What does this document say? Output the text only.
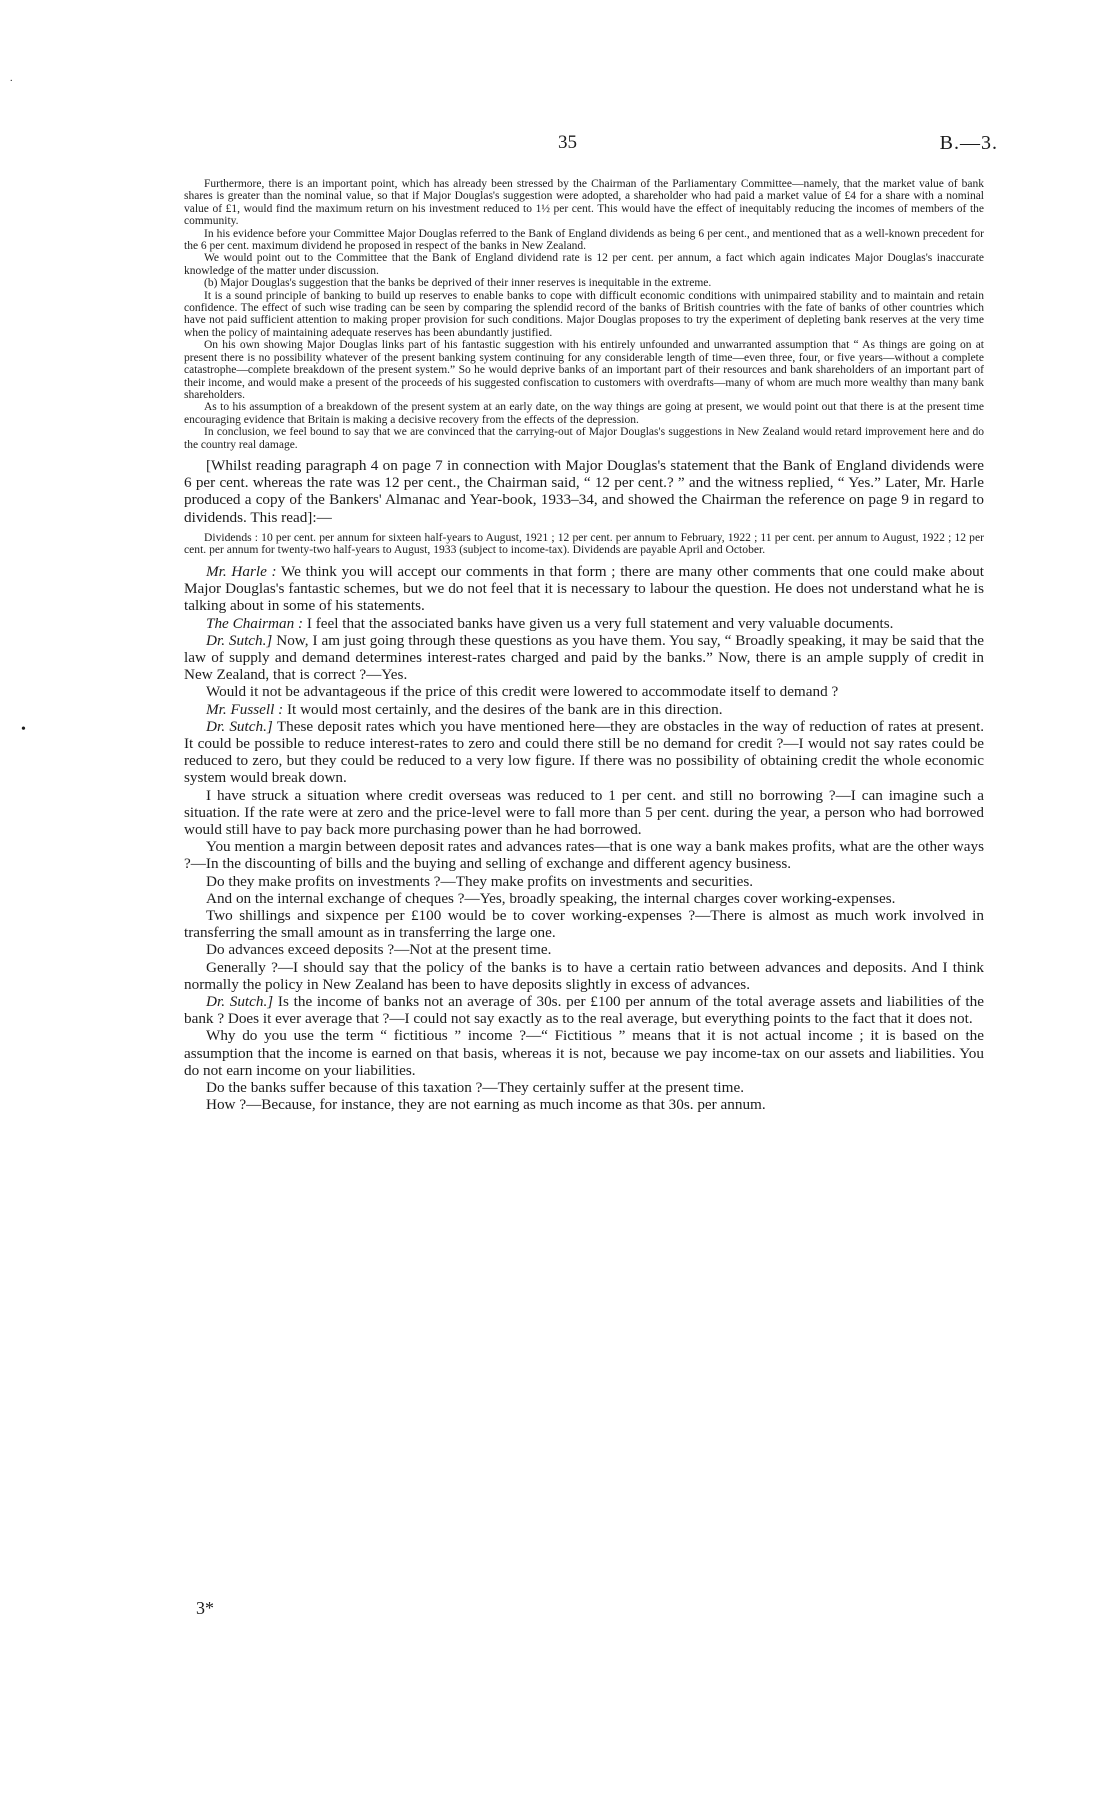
.
35	B.—3.

Furthermore, there is an important point, which has already been stressed by the Chairman of the Parliamentary Committee—namely, that the market value of bank shares is greater than the nominal value, so that if Major Douglas's suggestion were adopted, a shareholder who had paid a market value of £4 for a share with a nominal value of £1, would find the maximum return on his investment reduced to 1½ per cent. This would have the effect of inequitably reducing the incomes of members of the community.

In his evidence before your Committee Major Douglas referred to the Bank of England dividends as being 6 per cent., and mentioned that as a well-known precedent for the 6 per cent. maximum dividend he proposed in respect of the banks in New Zealand.

We would point out to the Committee that the Bank of England dividend rate is 12 per cent. per annum, a fact which again indicates Major Douglas's inaccurate knowledge of the matter under discussion.

(b) Major Douglas's suggestion that the banks be deprived of their inner reserves is inequitable in the extreme.

It is a sound principle of banking to build up reserves to enable banks to cope with difficult economic conditions with unimpaired stability and to maintain and retain confidence. The effect of such wise trading can be seen by comparing the splendid record of the banks of British countries with the fate of banks of other countries which have not paid sufficient attention to making proper provision for such conditions. Major Douglas proposes to try the experiment of depleting bank reserves at the very time when the policy of maintaining adequate reserves has been abundantly justified.

On his own showing Major Douglas links part of his fantastic suggestion with his entirely unfounded and unwarranted assumption that “ As things are going on at present there is no possibility whatever of the present banking system continuing for any considerable length of time—even three, four, or five years—without a complete catastrophe—complete breakdown of the present system.” So he would deprive banks of an important part of their resources and bank shareholders of an important part of their income, and would make a present of the proceeds of his suggested confiscation to customers with overdrafts—many of whom are much more wealthy than many bank shareholders.

As to his assumption of a breakdown of the present system at an early date, on the way things are going at present, we would point out that there is at the present time encouraging evidence that Britain is making a decisive recovery from the effects of the depression.

In conclusion, we feel bound to say that we are convinced that the carrying-out of Major Douglas's suggestions in New Zealand would retard improvement here and do the country real damage.

[Whilst reading paragraph 4 on page 7 in connection with Major Douglas's statement that the Bank of England dividends were 6 per cent. whereas the rate was 12 per cent., the Chairman said, “ 12 per cent.? ” and the witness replied, “ Yes.” Later, Mr. Harle produced a copy of the Bankers' Almanac and Year-book, 1933–34, and showed the Chairman the reference on page 9 in regard to dividends. This read]:—

Dividends : 10 per cent. per annum for sixteen half-years to August, 1921 ; 12 per cent. per annum to February, 1922 ; 11 per cent. per annum to August, 1922 ; 12 per cent. per annum for twenty-two half-years to August, 1933 (subject to income-tax). Dividends are payable April and October.

Mr. Harle : We think you will accept our comments in that form ; there are many other comments that one could make about Major Douglas's fantastic schemes, but we do not feel that it is necessary to labour the question. He does not understand what he is talking about in some of his statements.

The Chairman : I feel that the associated banks have given us a very full statement and very valuable documents.

Dr. Sutch.] Now, I am just going through these questions as you have them. You say, “ Broadly speaking, it may be said that the law of supply and demand determines interest-rates charged and paid by the banks.” Now, there is an ample supply of credit in New Zealand, that is correct ?—Yes.

Would it not be advantageous if the price of this credit were lowered to accommodate itself to demand ?

Mr. Fussell : It would most certainly, and the desires of the bank are in this direction.

Dr. Sutch.] These deposit rates which you have mentioned here—they are obstacles in the way of reduction of rates at present. It could be possible to reduce interest-rates to zero and could there still be no demand for credit ?—I would not say rates could be reduced to zero, but they could be reduced to a very low figure. If there was no possibility of obtaining credit the whole economic system would break down.

I have struck a situation where credit overseas was reduced to 1 per cent. and still no borrowing ?—I can imagine such a situation. If the rate were at zero and the price-level were to fall more than 5 per cent. during the year, a person who had borrowed would still have to pay back more purchasing power than he had borrowed.

You mention a margin between deposit rates and advances rates—that is one way a bank makes profits, what are the other ways ?—In the discounting of bills and the buying and selling of exchange and different agency business.

Do they make profits on investments ?—They make profits on investments and securities.

And on the internal exchange of cheques ?—Yes, broadly speaking, the internal charges cover working-expenses.

Two shillings and sixpence per £100 would be to cover working-expenses ?—There is almost as much work involved in transferring the small amount as in transferring the large one.

Do advances exceed deposits ?—Not at the present time.

Generally ?—I should say that the policy of the banks is to have a certain ratio between advances and deposits. And I think normally the policy in New Zealand has been to have deposits slightly in excess of advances.

Dr. Sutch.] Is the income of banks not an average of 30s. per £100 per annum of the total average assets and liabilities of the bank ? Does it ever average that ?—I could not say exactly as to the real average, but everything points to the fact that it does not.

Why do you use the term “ fictitious ” income ?—“ Fictitious ” means that it is not actual income ; it is based on the assumption that the income is earned on that basis, whereas it is not, because we pay income-tax on our assets and liabilities. You do not earn income on your liabilities.

Do the banks suffer because of this taxation ?—They certainly suffer at the present time.

How ?—Because, for instance, they are not earning as much income as that 30s. per annum.

•
3*
